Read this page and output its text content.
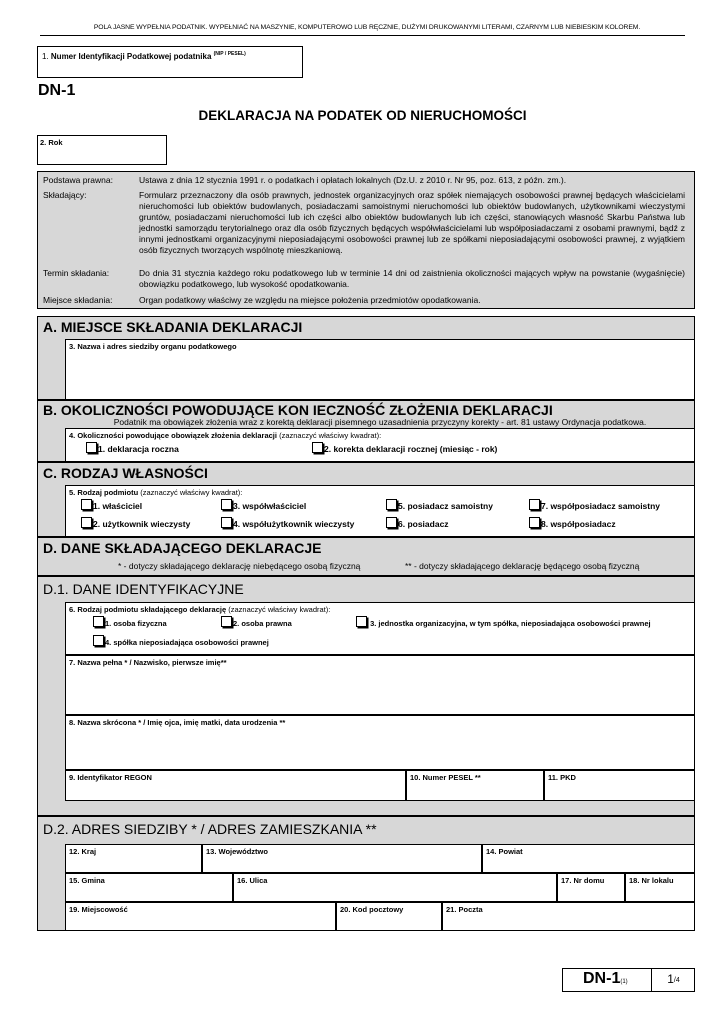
POLA JASNE WYPEŁNIA PODATNIK. WYPEŁNIAĆ NA MASZYNIE, KOMPUTEROWO LUB RĘCZNIE, DUŻYMI DRUKOWANYMI LITERAMI, CZARNYM LUB NIEBIESKIM KOLOREM.
1. Numer Identyfikacji Podatkowej podatnika $^{(NIP / PESEL)}$
DN-1
DEKLARACJA NA PODATEK OD NIERUCHOMOŚCI
2. Rok
Podstawa prawna:	Ustawa z dnia 12 stycznia 1991 r. o podatkach i opłatach lokalnych (Dz.U. z 2010 r. Nr 95, poz. 613, z późn. zm.).
Składający:	Formularz przeznaczony dla osób prawnych, jednostek organizacyjnych oraz spółek niemających osobowości prawnej będących właścicielami nieruchomości lub obiektów budowlanych, posiadaczami samoistnymi nieruchomości lub obiektów budowlanych, użytkownikami wieczystymi gruntów, posiadaczami nieruchomości lub ich części albo obiektów budowlanych lub ich części, stanowiących własność Skarbu Państwa lub jednostki samorządu terytorialnego oraz dla osób fizycznych będących współwłaścicielami lub współposiadaczami z osobami prawnymi, bądź z innymi jednostkami organizacyjnymi nieposiadającymi osobowości prawnej lub ze spółkami nieposiadającymi osobowości prawnej, z wyjątkiem osób fizycznych tworzących wspólnotę mieszkaniową.
Termin składania:	Do dnia 31 stycznia każdego roku podatkowego lub w terminie 14 dni od zaistnienia okoliczności mających wpływ na powstanie (wygaśnięcie) obowiązku podatkowego, lub wysokość opodatkowania.
Miejsce składania:	Organ podatkowy właściwy ze względu na miejsce położenia przedmiotów opodatkowania.
A. MIEJSCE SKŁADANIA DEKLARACJI
3. Nazwa i adres siedziby organu podatkowego
B. OKOLICZNOŚCI POWODUJĄCE KON IECZNOŚĆ ZŁOŻENIA DEKLARACJI
Podatnik ma obowiązek złożenia wraz z korektą deklaracji pisemnego uzasadnienia przyczyny korekty - art. 81 ustawy Ordynacja podatkowa.
4. Okoliczności powodujące obowiązek złożenia deklaracji (zaznaczyć właściwy kwadrat):
1. deklaracja roczna	2. korekta deklaracji rocznej (miesiąc - rok)
C. RODZAJ WŁASNOŚCI
5. Rodzaj podmiotu (zaznaczyć właściwy kwadrat):
1. właściciel	3. współwłaściciel	5. posiadacz samoistny	7. współposiadacz samoistny
2. użytkownik wieczysty	4. współużytkownik wieczysty	6. posiadacz	8. współposiadacz
D. DANE SKŁADAJĄCEGO DEKLARACJE
* - dotyczy składającego deklarację niebędącego osobą fizyczną	** - dotyczy składającego deklarację będącego osobą fizyczną
D.1. DANE IDENTYFIKACYJNE
6. Rodzaj podmiotu składającego deklarację (zaznaczyć właściwy kwadrat):
1. osoba fizyczna	2. osoba prawna	3. jednostka organizacyjna, w tym spółka, nieposiadająca osobowości prawnej
4. spółka nieposiadająca osobowości prawnej
7. Nazwa pełna * / Nazwisko, pierwsze imię**
8. Nazwa skrócona * / Imię ojca, imię matki, data urodzenia **
9. Identyfikator REGON	10. Numer PESEL **	11. PKD
D.2. ADRES SIEDZIBY * / ADRES ZAMIESZKANIA **
12. Kraj	13. Województwo	14. Powiat
15. Gmina	16. Ulica	17. Nr domu	18. Nr lokalu
19. Miejscowość	20. Kod pocztowy	21. Poczta
DN-1(1)	1/4
